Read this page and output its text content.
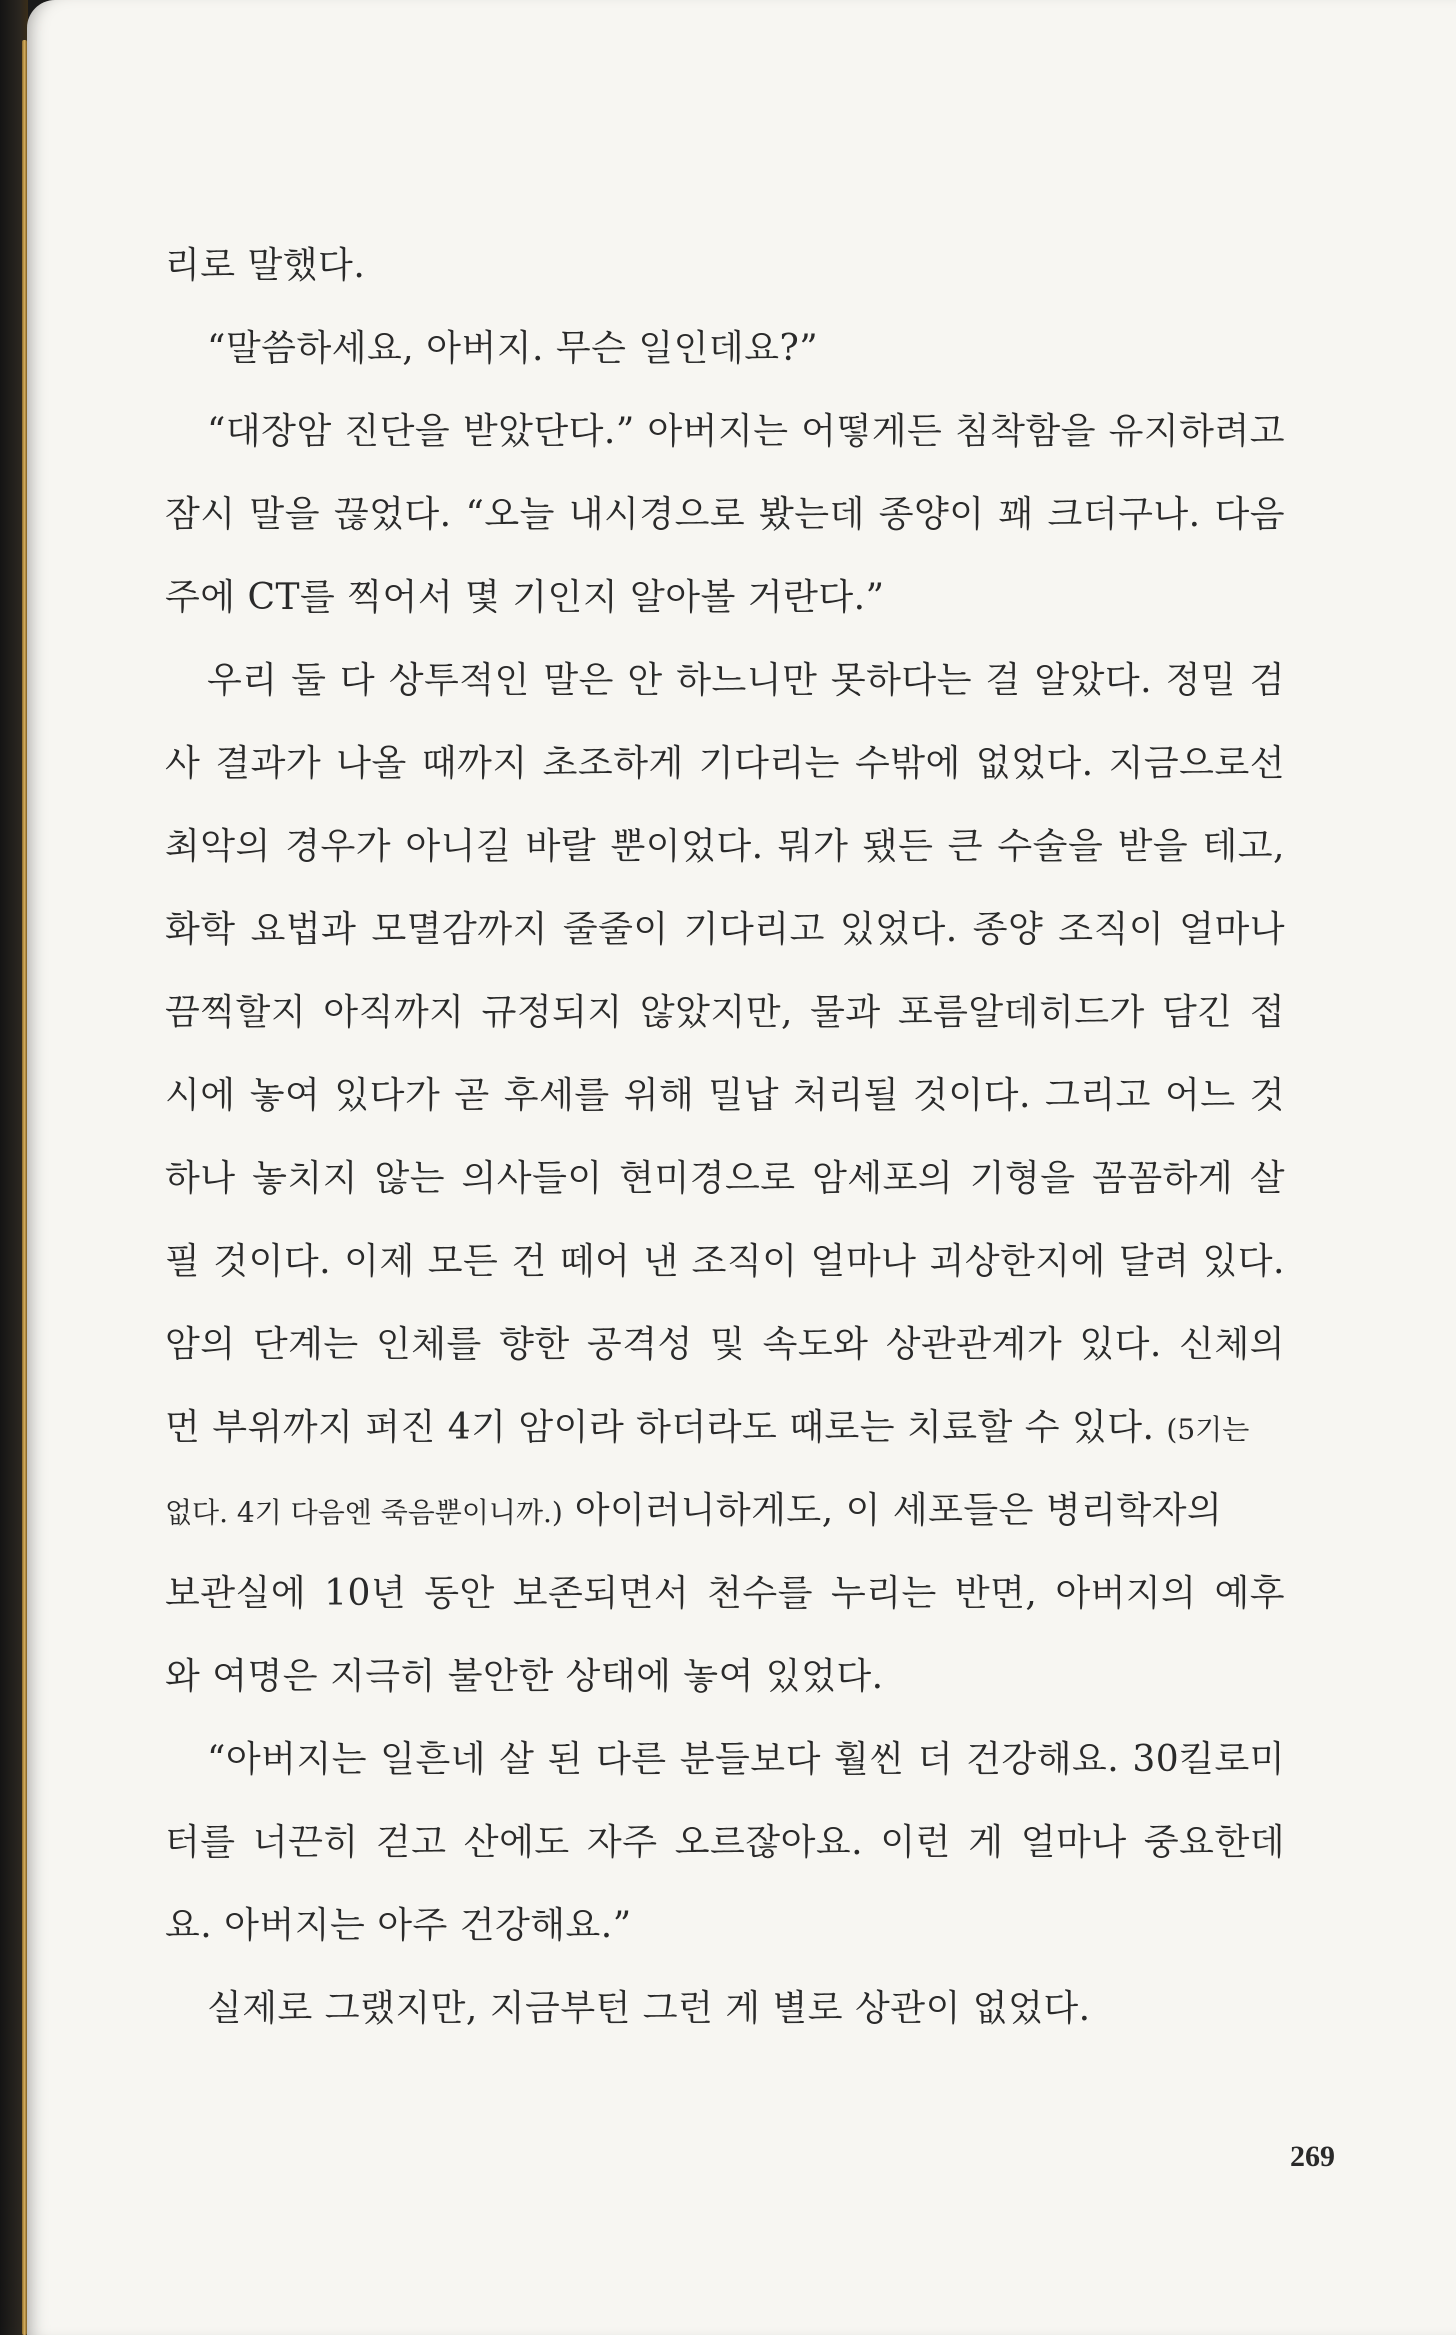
리로 말했다.
“말씀하세요, 아버지. 무슨 일인데요?”
“대장암 진단을 받았단다.” 아버지는 어떻게든 침착함을 유지하려고
잠시 말을 끊었다. “오늘 내시경으로 봤는데 종양이 꽤 크더구나. 다음
주에 CT를 찍어서 몇 기인지 알아볼 거란다.”
우리 둘 다 상투적인 말은 안 하느니만 못하다는 걸 알았다. 정밀 검
사 결과가 나올 때까지 초조하게 기다리는 수밖에 없었다. 지금으로선
최악의 경우가 아니길 바랄 뿐이었다. 뭐가 됐든 큰 수술을 받을 테고,
화학 요법과 모멸감까지 줄줄이 기다리고 있었다. 종양 조직이 얼마나
끔찍할지 아직까지 규정되지 않았지만, 물과 포름알데히드가 담긴 접
시에 놓여 있다가 곧 후세를 위해 밀납 처리될 것이다. 그리고 어느 것
하나 놓치지 않는 의사들이 현미경으로 암세포의 기형을 꼼꼼하게 살
필 것이다. 이제 모든 건 떼어 낸 조직이 얼마나 괴상한지에 달려 있다.
암의 단계는 인체를 향한 공격성 및 속도와 상관관계가 있다. 신체의
먼 부위까지 퍼진 4기 암이라 하더라도 때로는 치료할 수 있다. (5기는
없다. 4기 다음엔 죽음뿐이니까.) 아이러니하게도, 이 세포들은 병리학자의
보관실에 10년 동안 보존되면서 천수를 누리는 반면, 아버지의 예후
와 여명은 지극히 불안한 상태에 놓여 있었다.
“아버지는 일흔네 살 된 다른 분들보다 훨씬 더 건강해요. 30킬로미
터를 너끈히 걷고 산에도 자주 오르잖아요. 이런 게 얼마나 중요한데
요. 아버지는 아주 건강해요.”
실제로 그랬지만, 지금부턴 그런 게 별로 상관이 없었다.
269
